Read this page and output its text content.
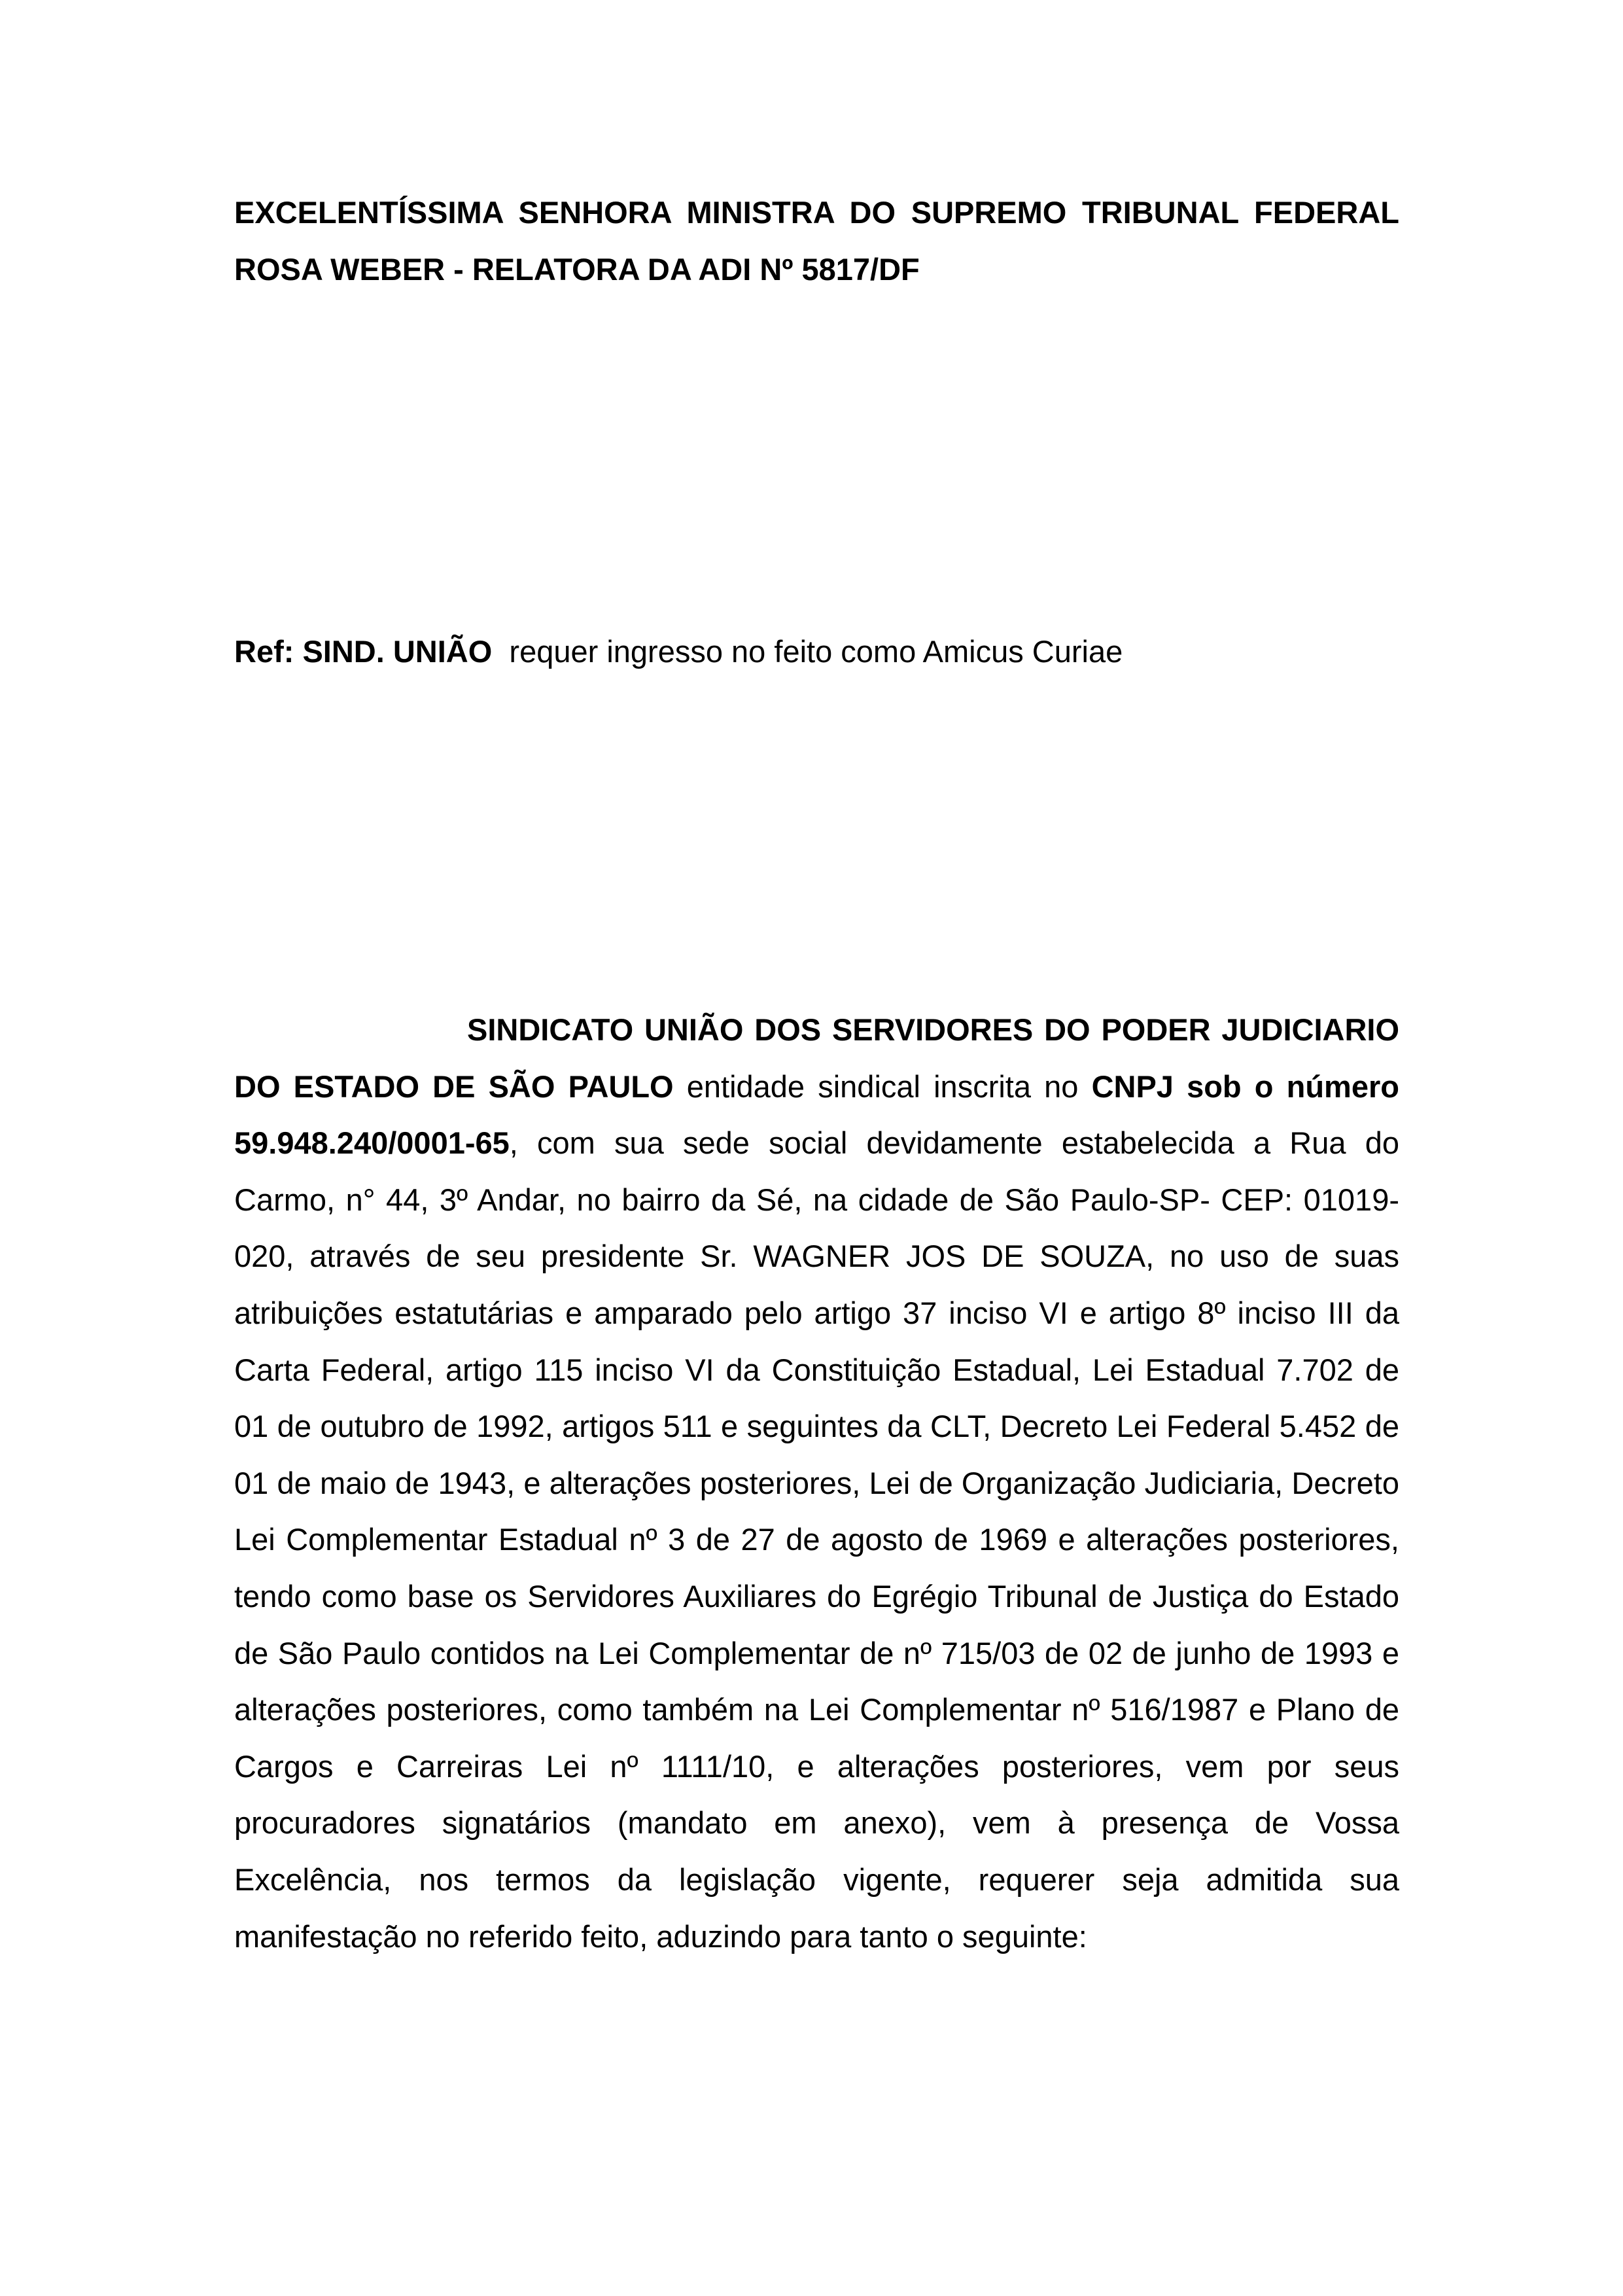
EXCELENTÍSSIMA SENHORA MINISTRA DO SUPREMO TRIBUNAL FEDERAL ROSA WEBER - RELATORA DA ADI Nº 5817/DF
Ref: SIND. UNIÃO requer ingresso no feito como Amicus Curiae
SINDICATO UNIÃO DOS SERVIDORES DO PODER JUDICIARIO DO ESTADO DE SÃO PAULO entidade sindical inscrita no CNPJ sob o número 59.948.240/0001-65, com sua sede social devidamente estabelecida a Rua do Carmo, n° 44, 3º Andar, no bairro da Sé, na cidade de São Paulo-SP- CEP: 01019-020, através de seu presidente Sr. WAGNER JOS DE SOUZA, no uso de suas atribuições estatutárias e amparado pelo artigo 37 inciso VI e artigo 8º inciso III da Carta Federal, artigo 115 inciso VI da Constituição Estadual, Lei Estadual 7.702 de 01 de outubro de 1992, artigos 511 e seguintes da CLT, Decreto Lei Federal 5.452 de 01 de maio de 1943, e alterações posteriores, Lei de Organização Judiciaria, Decreto Lei Complementar Estadual nº 3 de 27 de agosto de 1969 e alterações posteriores, tendo como base os Servidores Auxiliares do Egrégio Tribunal de Justiça do Estado de São Paulo contidos na Lei Complementar de nº 715/03 de 02 de junho de 1993 e alterações posteriores, como também na Lei Complementar nº 516/1987 e Plano de Cargos e Carreiras Lei nº 1111/10, e alterações posteriores, vem por seus procuradores signatários (mandato em anexo), vem à presença de Vossa Excelência, nos termos da legislação vigente, requerer seja admitida sua manifestação no referido feito, aduzindo para tanto o seguinte:
